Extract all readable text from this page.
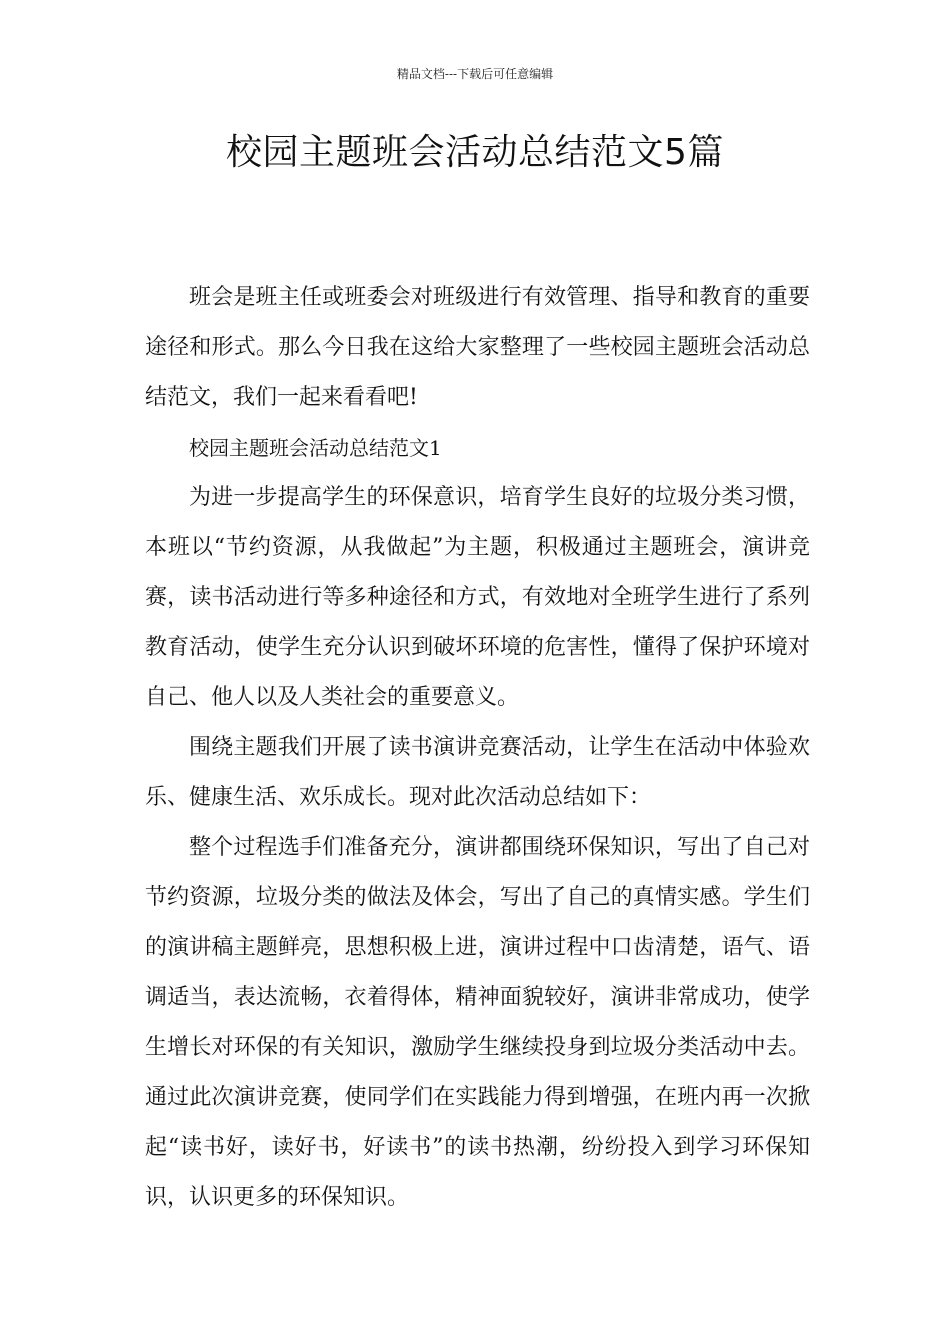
精品文档---下载后可任意编辑
校园主题班会活动总结范文5篇

班会是班主任或班委会对班级进行有效管理、指导和教育的重要途径和形式。那么今日我在这给大家整理了一些校园主题班会活动总结范文，我们一起来看看吧!

校园主题班会活动总结范文1

为进一步提高学生的环保意识，培育学生良好的垃圾分类习惯，本班以“节约资源，从我做起”为主题，积极通过主题班会，演讲竞赛，读书活动进行等多种途径和方式，有效地对全班学生进行了系列教育活动，使学生充分认识到破坏环境的危害性，懂得了保护环境对自己、他人以及人类社会的重要意义。

围绕主题我们开展了读书演讲竞赛活动，让学生在活动中体验欢乐、健康生活、欢乐成长。现对此次活动总结如下：

整个过程选手们准备充分，演讲都围绕环保知识，写出了自己对节约资源，垃圾分类的做法及体会，写出了自己的真情实感。学生们的演讲稿主题鲜亮，思想积极上进，演讲过程中口齿清楚，语气、语调适当，表达流畅，衣着得体，精神面貌较好，演讲非常成功，使学生增长对环保的有关知识，激励学生继续投身到垃圾分类活动中去。通过此次演讲竞赛，使同学们在实践能力得到增强，在班内再一次掀起“读书好，读好书，好读书”的读书热潮，纷纷投入到学习环保知识，认识更多的环保知识。
